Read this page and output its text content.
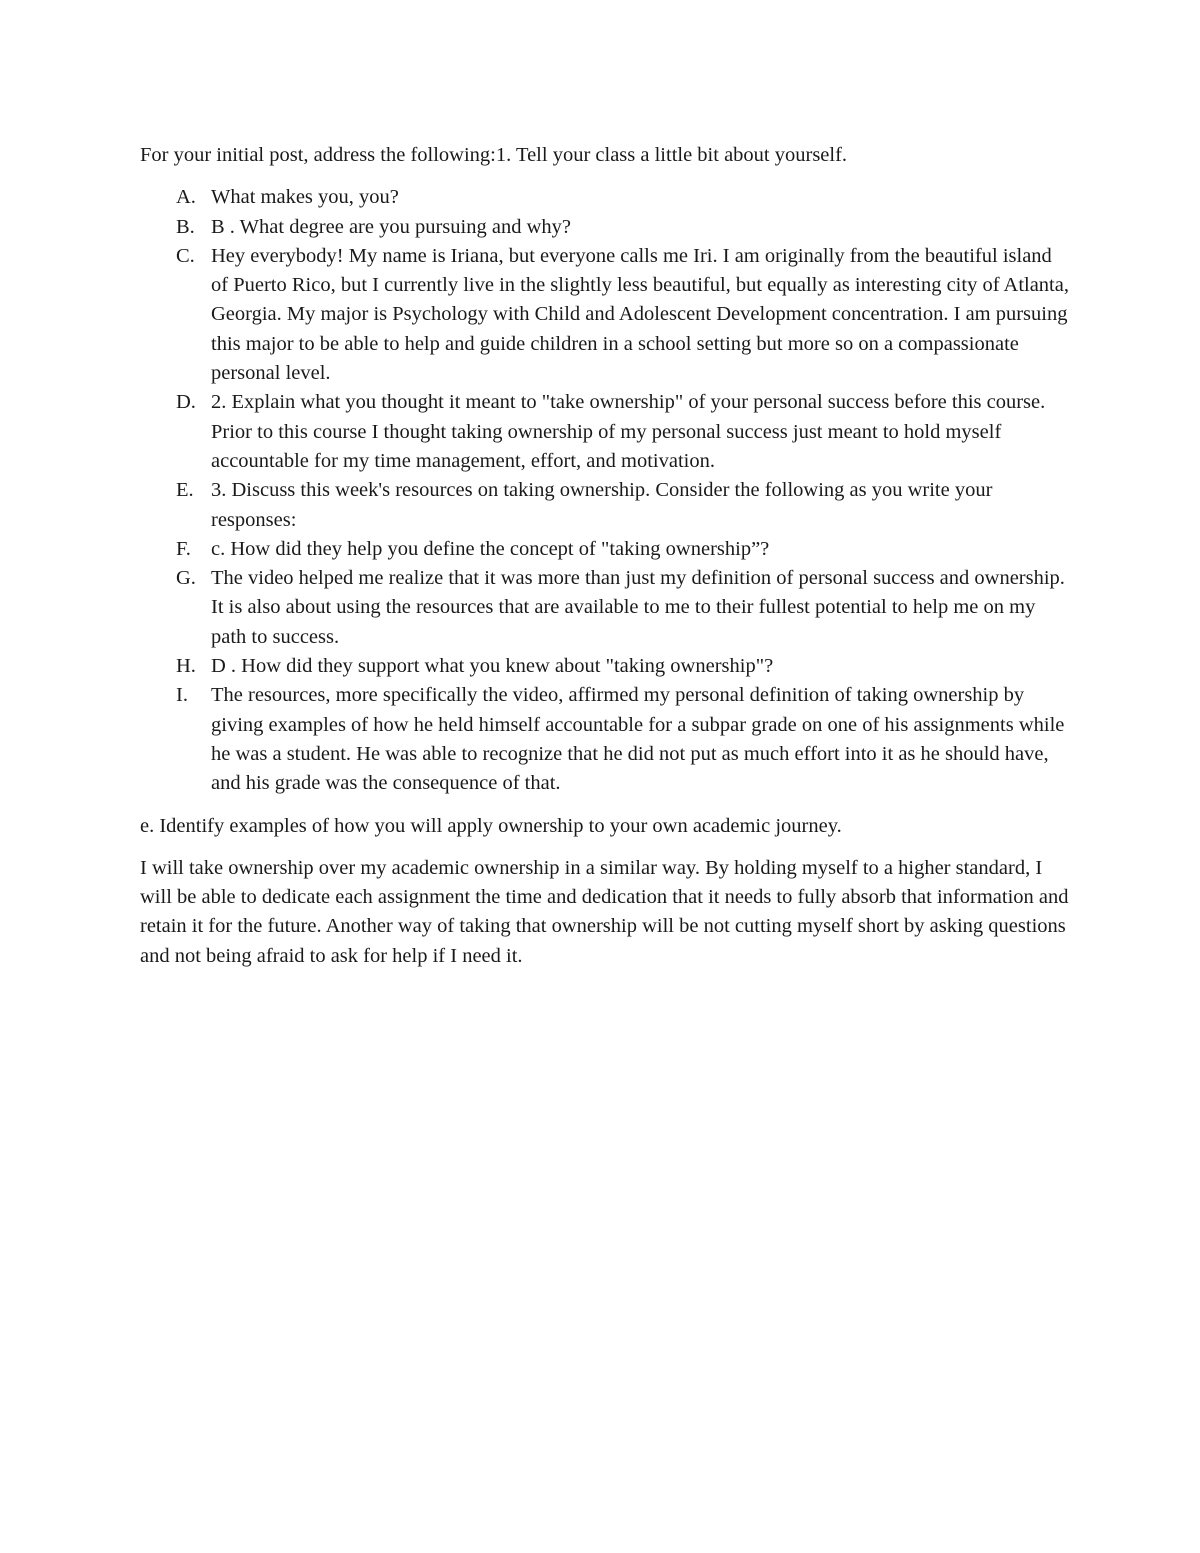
For your initial post, address the following:1. Tell your class a little bit about yourself.

A. What makes you, you?
B. B . What degree are you pursuing and why?
C. Hey everybody! My name is Iriana, but everyone calls me Iri. I am originally from the beautiful island of Puerto Rico, but I currently live in the slightly less beautiful, but equally as interesting city of Atlanta, Georgia. My major is Psychology with Child and Adolescent Development concentration. I am pursuing this major to be able to help and guide children in a school setting but more so on a compassionate personal level.
D. 2. Explain what you thought it meant to "take ownership" of your personal success before this course. Prior to this course I thought taking ownership of my personal success just meant to hold myself accountable for my time management, effort, and motivation.
E. 3. Discuss this week's resources on taking ownership. Consider the following as you write your responses:
F. c. How did they help you define the concept of "taking ownership”?
G. The video helped me realize that it was more than just my definition of personal success and ownership. It is also about using the resources that are available to me to their fullest potential to help me on my path to success.
H. D . How did they support what you knew about "taking ownership"?
I.	The resources, more specifically the video, affirmed my personal definition of taking ownership by giving examples of how he held himself accountable for a subpar grade on one of his assignments while he was a student. He was able to recognize that he did not put as much effort into it as he should have, and his grade was the consequence of that.

e. Identify examples of how you will apply ownership to your own academic journey.

I will take ownership over my academic ownership in a similar way. By holding myself to a higher standard, I will be able to dedicate each assignment the time and dedication that it needs to fully absorb that information and retain it for the future. Another way of taking that ownership will be not cutting myself short by asking questions and not being afraid to ask for help if I need it.
